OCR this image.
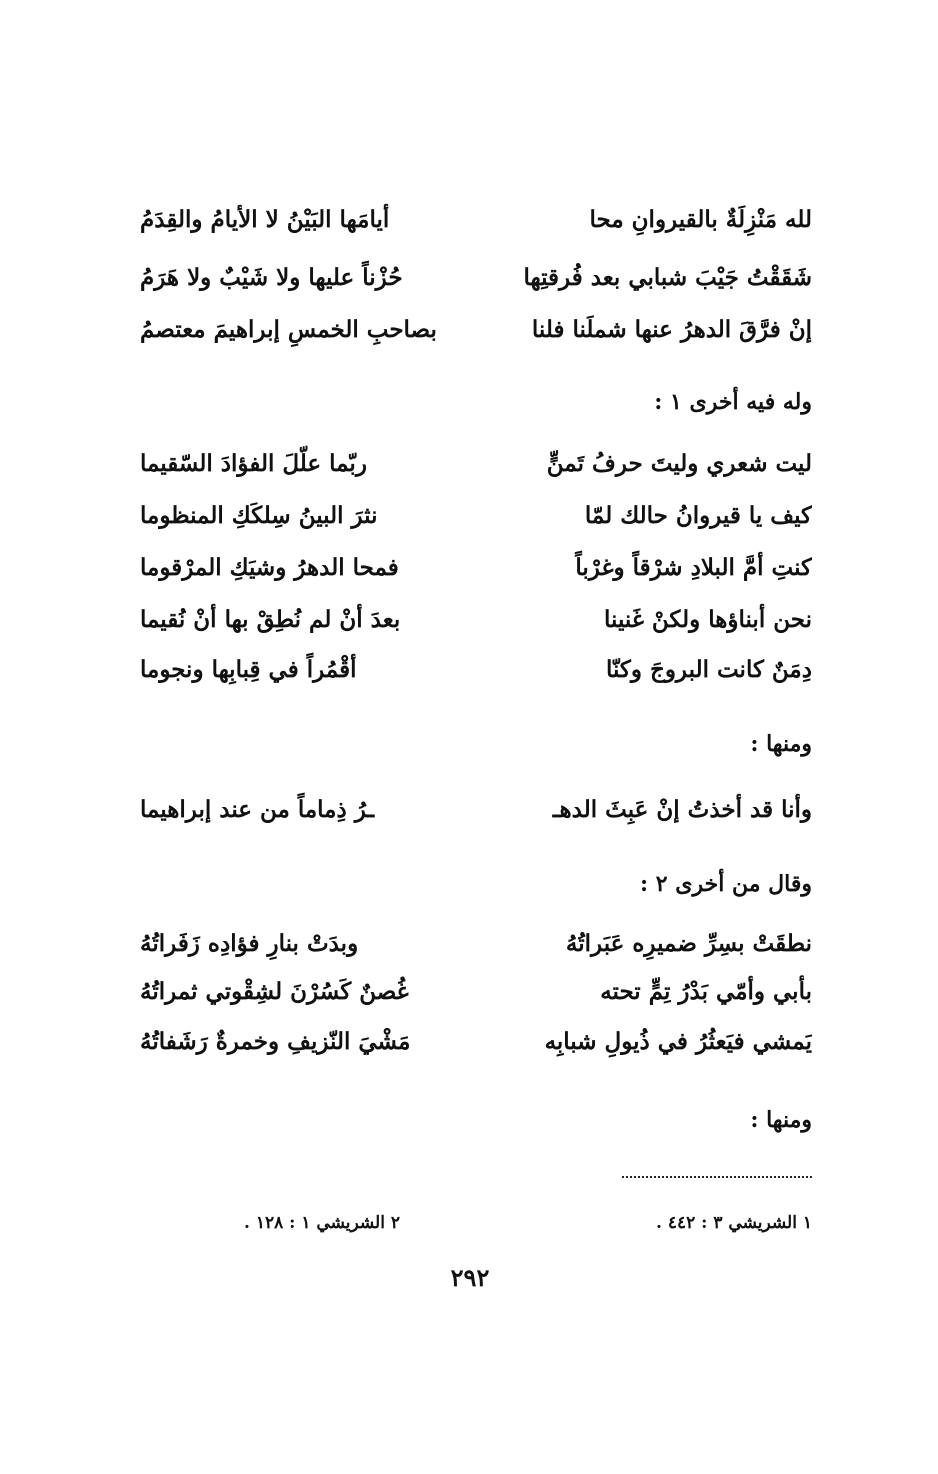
لله مَنْزِلَةٌ بالقيروانِ محا
أيامَها البَيْنُ لا الأيامُ والقِدَمُ
شَقَقْتُ جَيْبَ شبابي بعد فُرقتِها
حُزْناً عليها ولا شَيْبٌ ولا هَرَمُ
إنْ فرَّقَ الدهرُ عنها شملَنا فلنا
بصاحبِ الخمسِ إبراهيمَ معتصمُ
وله فيه أخرى ١ :
ليت شعري وليتَ حرفُ تَمنٍّ
ربّما علّلَ الفؤادَ السّقيما
كيف يا قيروانُ حالك لمّا
نثرَ البينُ سِلكَكِ المنظوما
كنتِ أمَّ البلادِ شرْقاً وغرْباً
فمحا الدهرُ وشيَكِ المرْقوما
نحن أبناؤها ولكنْ غَنينا
بعدَ أنْ لم نُطِقْ بها أنْ نُقيما
دِمَنٌ كانت البروجَ وكنّا
أقْمُراً في قِبابِها ونجوما
ومنها :
وأنا قد أخذتُ إنْ عَبِثَ الدهـ
ـرُ ذِماماً من عند إبراهيما
وقال من أخرى ٢ :
نطقَتْ بسِرِّ ضميرِه عَبَراتُهُ
وبدَتْ بنارِ فؤادِه زَفَراتُهُ
بأبي وأمّي بَدْرُ تِمٍّ تحته
غُصنٌ كَسُرْنَ لشِقْوتي ثمراتُهُ
يَمشي فيَعثُرُ في ذُيولِ شبابِه
مَشْيَ النّزيفِ وخمرةٌ رَشَفاتُهُ
ومنها :
١ الشريشي ٣ : ٤٤٢ .
٢ الشريشي ١ : ١٢٨ .
٢٩٢
